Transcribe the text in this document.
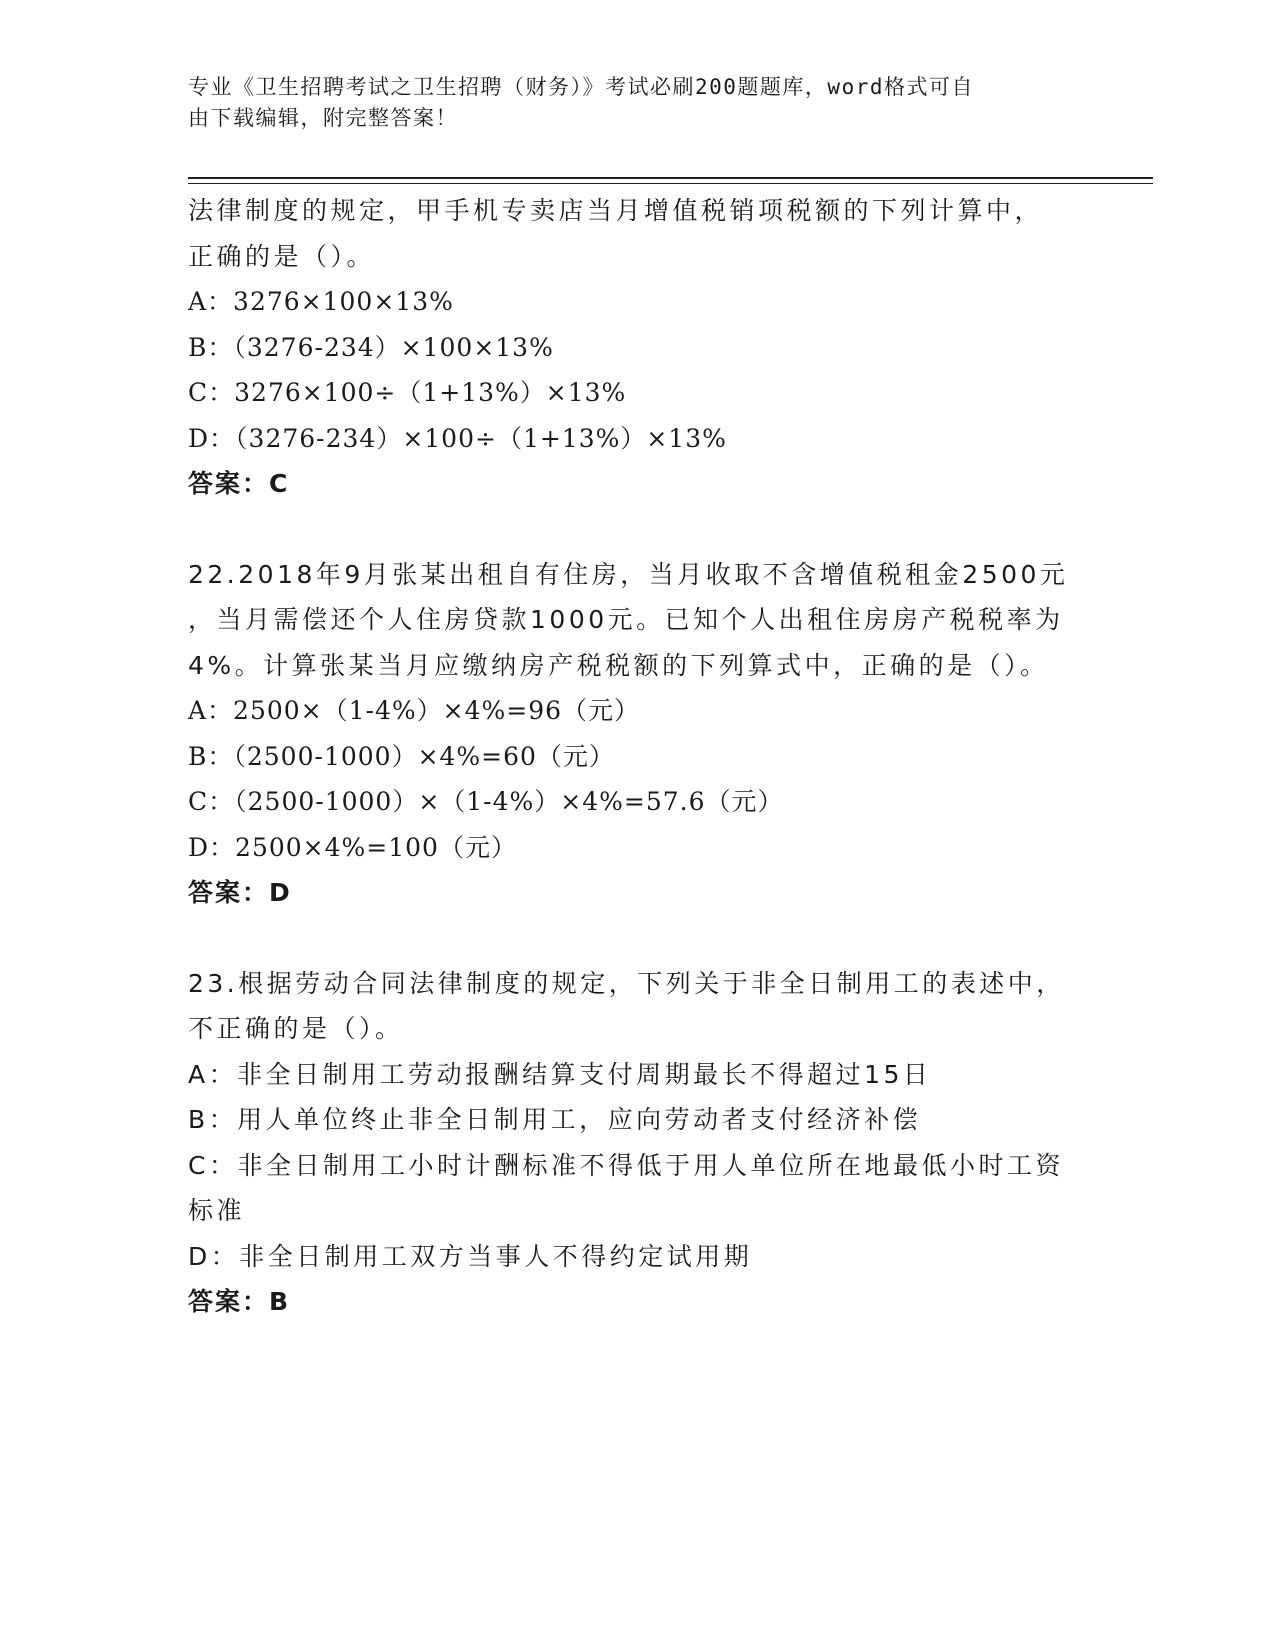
专业《卫生招聘考试之卫生招聘（财务）》考试必刷200题题库，word格式可自
由下载编辑，附完整答案！
法律制度的规定，甲手机专卖店当月增值税销项税额的下列计算中，
正确的是（）。
A：3276×100×13%
B：（3276-234）×100×13%
C：3276×100÷（1+13%）×13%
D：（3276-234）×100÷（1+13%）×13%
答案：C
22.2018年9月张某出租自有住房，当月收取不含增值税租金2500元
，当月需偿还个人住房贷款1000元。已知个人出租住房房产税税率为
4%。计算张某当月应缴纳房产税税额的下列算式中，正确的是（）。
A：2500×（1-4%）×4%=96（元）
B：（2500-1000）×4%=60（元）
C：（2500-1000）×（1-4%）×4%=57.6（元）
D：2500×4%=100（元）
答案：D
23.根据劳动合同法律制度的规定，下列关于非全日制用工的表述中，
不正确的是（）。
A：非全日制用工劳动报酬结算支付周期最长不得超过15日
B：用人单位终止非全日制用工，应向劳动者支付经济补偿
C：非全日制用工小时计酬标准不得低于用人单位所在地最低小时工资
标准
D：非全日制用工双方当事人不得约定试用期
答案：B
